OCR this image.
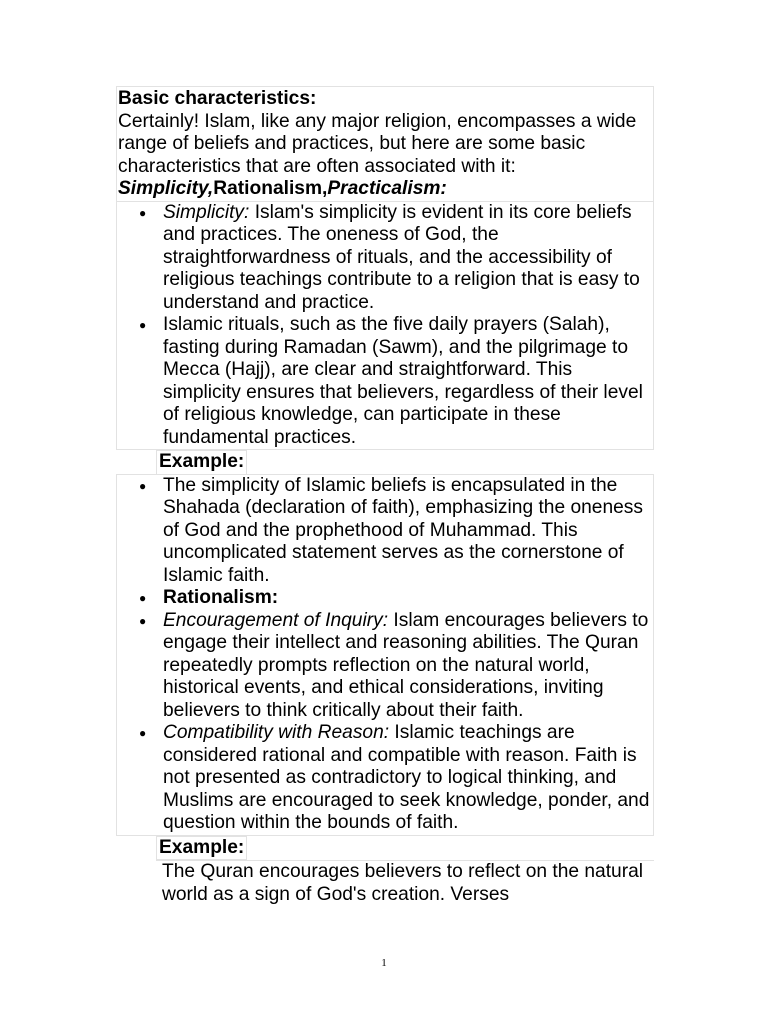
Basic characteristics:
Certainly! Islam, like any major religion, encompasses a wide range of beliefs and practices, but here are some basic characteristics that are often associated with it:
Simplicity,Rationalism,Practicalism:
● Simplicity: Islam's simplicity is evident in its core beliefs and practices. The oneness of God, the straightforwardness of rituals, and the accessibility of religious teachings contribute to a religion that is easy to understand and practice.
● Islamic rituals, such as the five daily prayers (Salah), fasting during Ramadan (Sawm), and the pilgrimage to Mecca (Hajj), are clear and straightforward. This simplicity ensures that believers, regardless of their level of religious knowledge, can participate in these fundamental practices.
Example:
● The simplicity of Islamic beliefs is encapsulated in the Shahada (declaration of faith), emphasizing the oneness of God and the prophethood of Muhammad. This uncomplicated statement serves as the cornerstone of Islamic faith.
● Rationalism:
● Encouragement of Inquiry: Islam encourages believers to engage their intellect and reasoning abilities. The Quran repeatedly prompts reflection on the natural world, historical events, and ethical considerations, inviting believers to think critically about their faith.
● Compatibility with Reason: Islamic teachings are considered rational and compatible with reason. Faith is not presented as contradictory to logical thinking, and Muslims are encouraged to seek knowledge, ponder, and question within the bounds of faith.
Example:
The Quran encourages believers to reflect on the natural world as a sign of God's creation. Verses
1
